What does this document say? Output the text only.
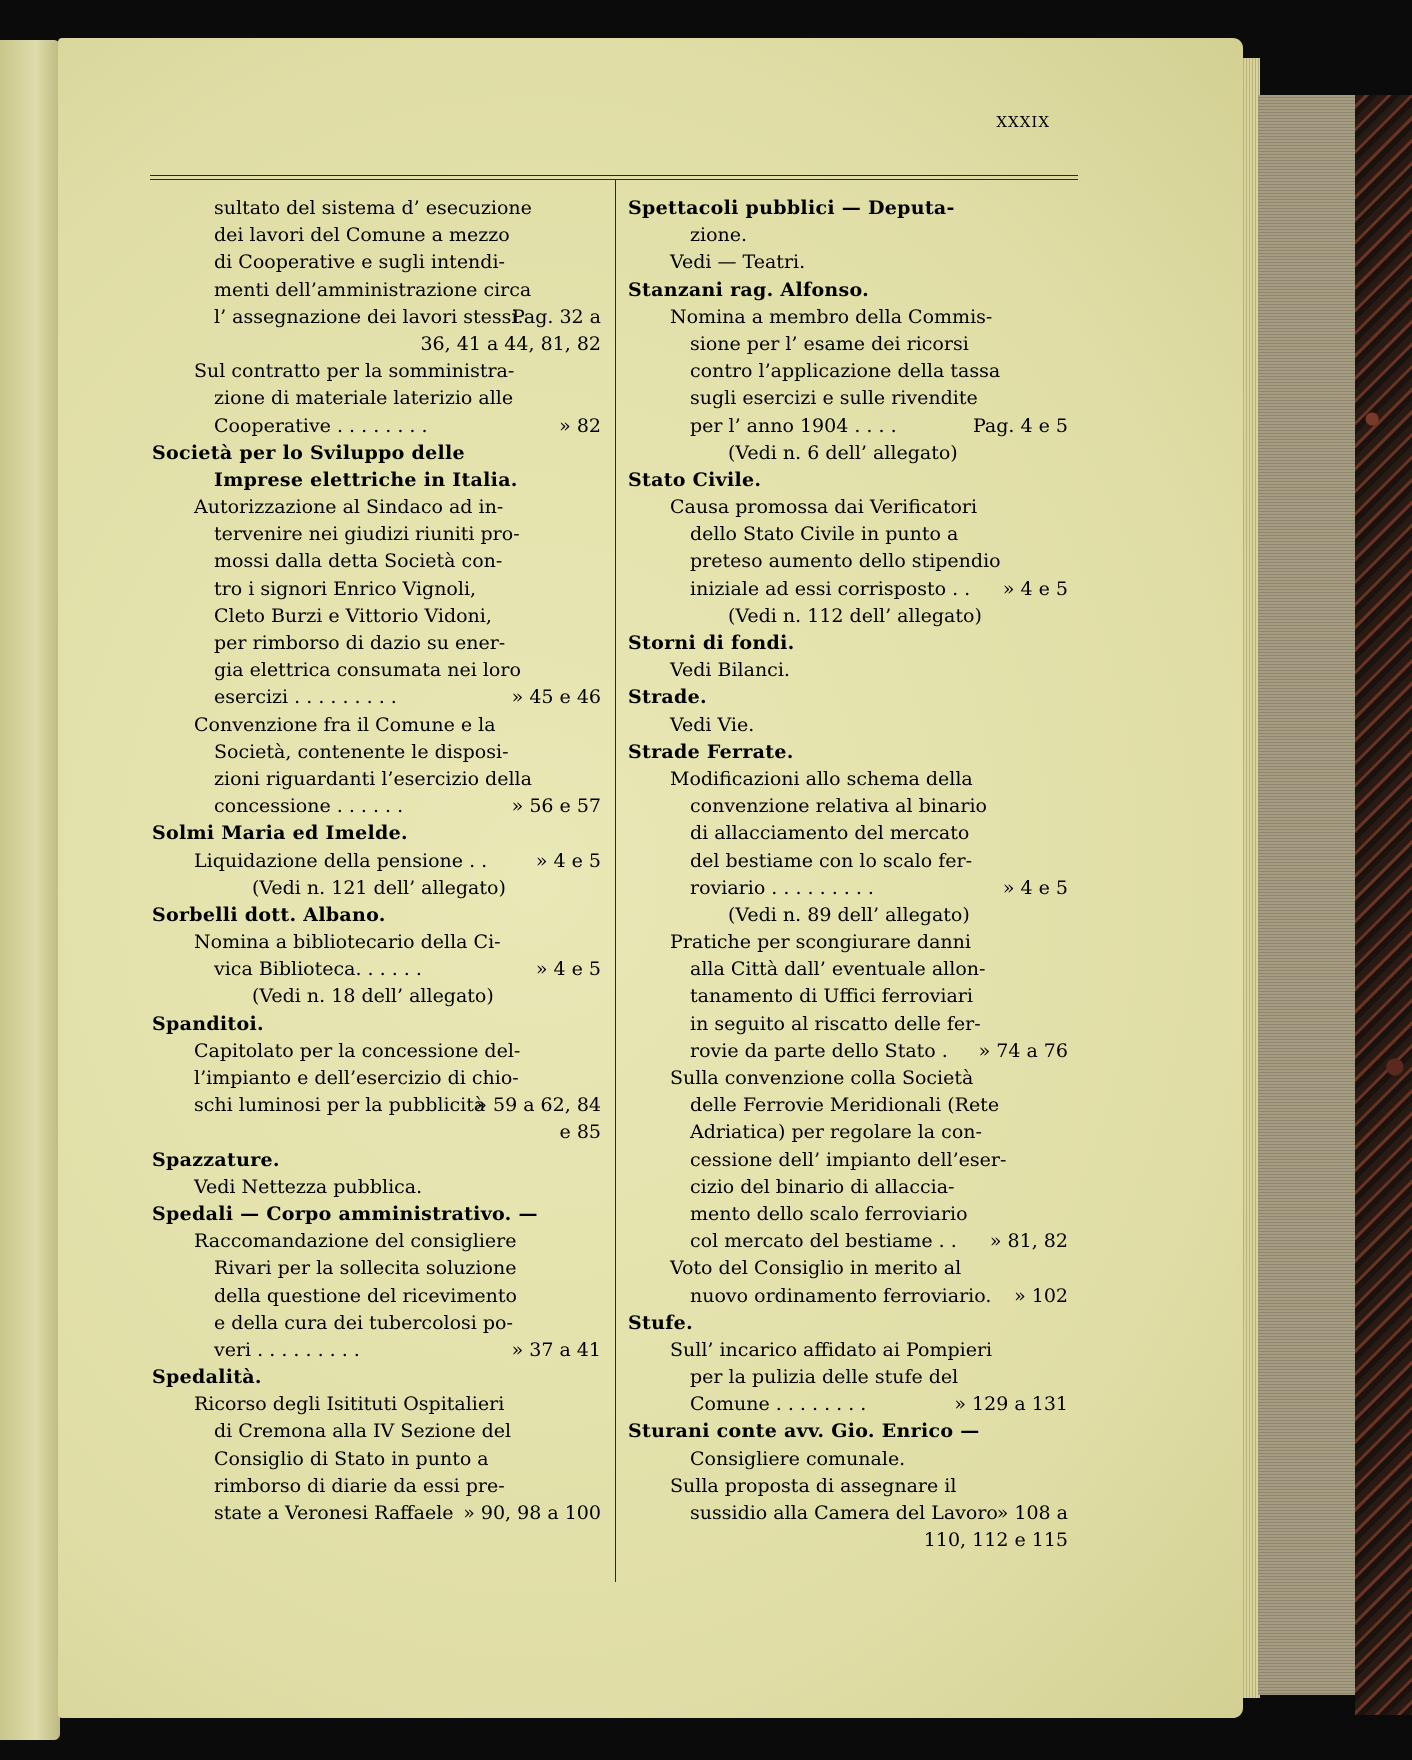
XXXIX
sultato del sistema d’ esecuzione
dei lavori del Comune a mezzo
di Cooperative e sugli intendi-
menti dell’amministrazione circa
l’ assegnazione dei lavori stessi.
Pag. 32 a
36, 41 a 44, 81, 82
Sul contratto per la somministra-
zione di materiale laterizio alle
Cooperative . . . . . . . .	» 82
Società per lo Sviluppo delle
Imprese elettriche in Italia.
Autorizzazione al Sindaco ad in-
tervenire nei giudizi riuniti pro-
mossi dalla detta Società con-
tro i signori Enrico Vignoli,
Cleto Burzi e Vittorio Vidoni,
per rimborso di dazio su ener-
gia elettrica consumata nei loro
esercizi . . . . . . . . .	» 45 e 46
Convenzione fra il Comune e la
Società, contenente le disposi-
zioni riguardanti l’esercizio della
concessione . . . . . .	» 56 e 57
Solmi Maria ed Imelde.
Liquidazione della pensione . .	» 4 e 5
(Vedi n. 121 dell’ allegato)
Sorbelli dott. Albano.
Nomina a bibliotecario della Ci-
vica Biblioteca. . . . . .	» 4 e 5
(Vedi n. 18 dell’ allegato)
Spanditoi.
Capitolato per la concessione del-
l’impianto e dell’esercizio di chio-
schi luminosi per la pubblicità
» 59 a 62, 84
e 85
Spazzature.
Vedi Nettezza pubblica.
Spedali — Corpo amministrativo. —
Raccomandazione del consigliere
Rivari per la sollecita soluzione
della questione del ricevimento
e della cura dei tubercolosi po-
veri . . . . . . . . .	» 37 a 41
Spedalità.
Ricorso degli Isitituti Ospitalieri
di Cremona alla IV Sezione del
Consiglio di Stato in punto a
rimborso di diarie da essi pre-
state a Veronesi Raffaele » 90, 98 a 100
Spettacoli pubblici — Deputa-
zione.
Vedi — Teatri.
Stanzani rag. Alfonso.
Nomina a membro della Commis-
sione per l’ esame dei ricorsi
contro l’applicazione della tassa
sugli esercizi e sulle rivendite
per l’ anno 1904 . . . .	Pag. 4 e 5
(Vedi n. 6 dell’ allegato)
Stato Civile.
Causa promossa dai Verificatori
dello Stato Civile in punto a
preteso aumento dello stipendio
iniziale ad essi corrisposto . . » 4 e 5
(Vedi n. 112 dell’ allegato)
Storni di fondi.
Vedi Bilanci.
Strade.
Vedi Vie.
Strade Ferrate.
Modificazioni allo schema della
convenzione relativa al binario
di allacciamento del mercato
del bestiame con lo scalo fer-
roviario . . . . . . . . .	» 4 e 5
(Vedi n. 89 dell’ allegato)
Pratiche per scongiurare danni
alla Città dall’ eventuale allon-
tanamento di Uffici ferroviari
in seguito al riscatto delle fer-
rovie da parte dello Stato . » 74 a 76
Sulla convenzione colla Società
delle Ferrovie Meridionali (Rete
Adriatica) per regolare la con-
cessione dell’ impianto dell’eser-
cizio del binario di allaccia-
mento dello scalo ferroviario
col mercato del bestiame . . » 81, 82
Voto del Consiglio in merito al
nuovo ordinamento ferroviario. » 102
Stufe.
Sull’ incarico affidato ai Pompieri
per la pulizia delle stufe del
Comune . . . . . . . .	» 129 a 131
Sturani conte avv. Gio. Enrico —
Consigliere comunale.
Sulla proposta di assegnare il
sussidio alla Camera del Lavoro
» 108 a
110, 112 e 115
